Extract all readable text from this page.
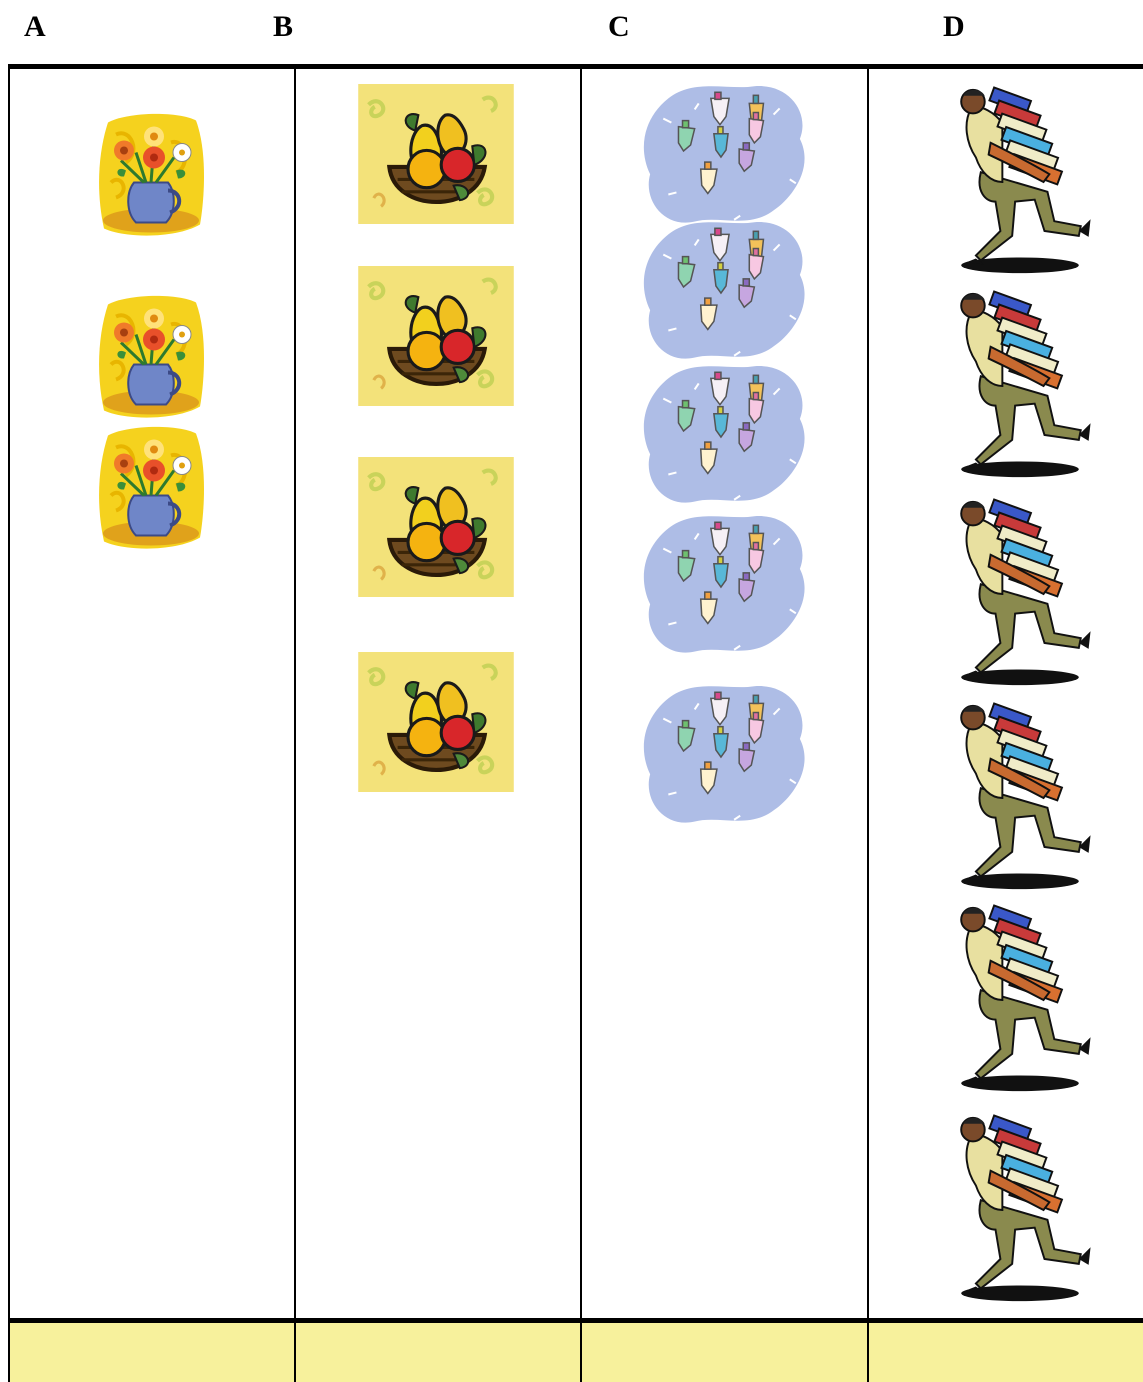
A	B	C	D
